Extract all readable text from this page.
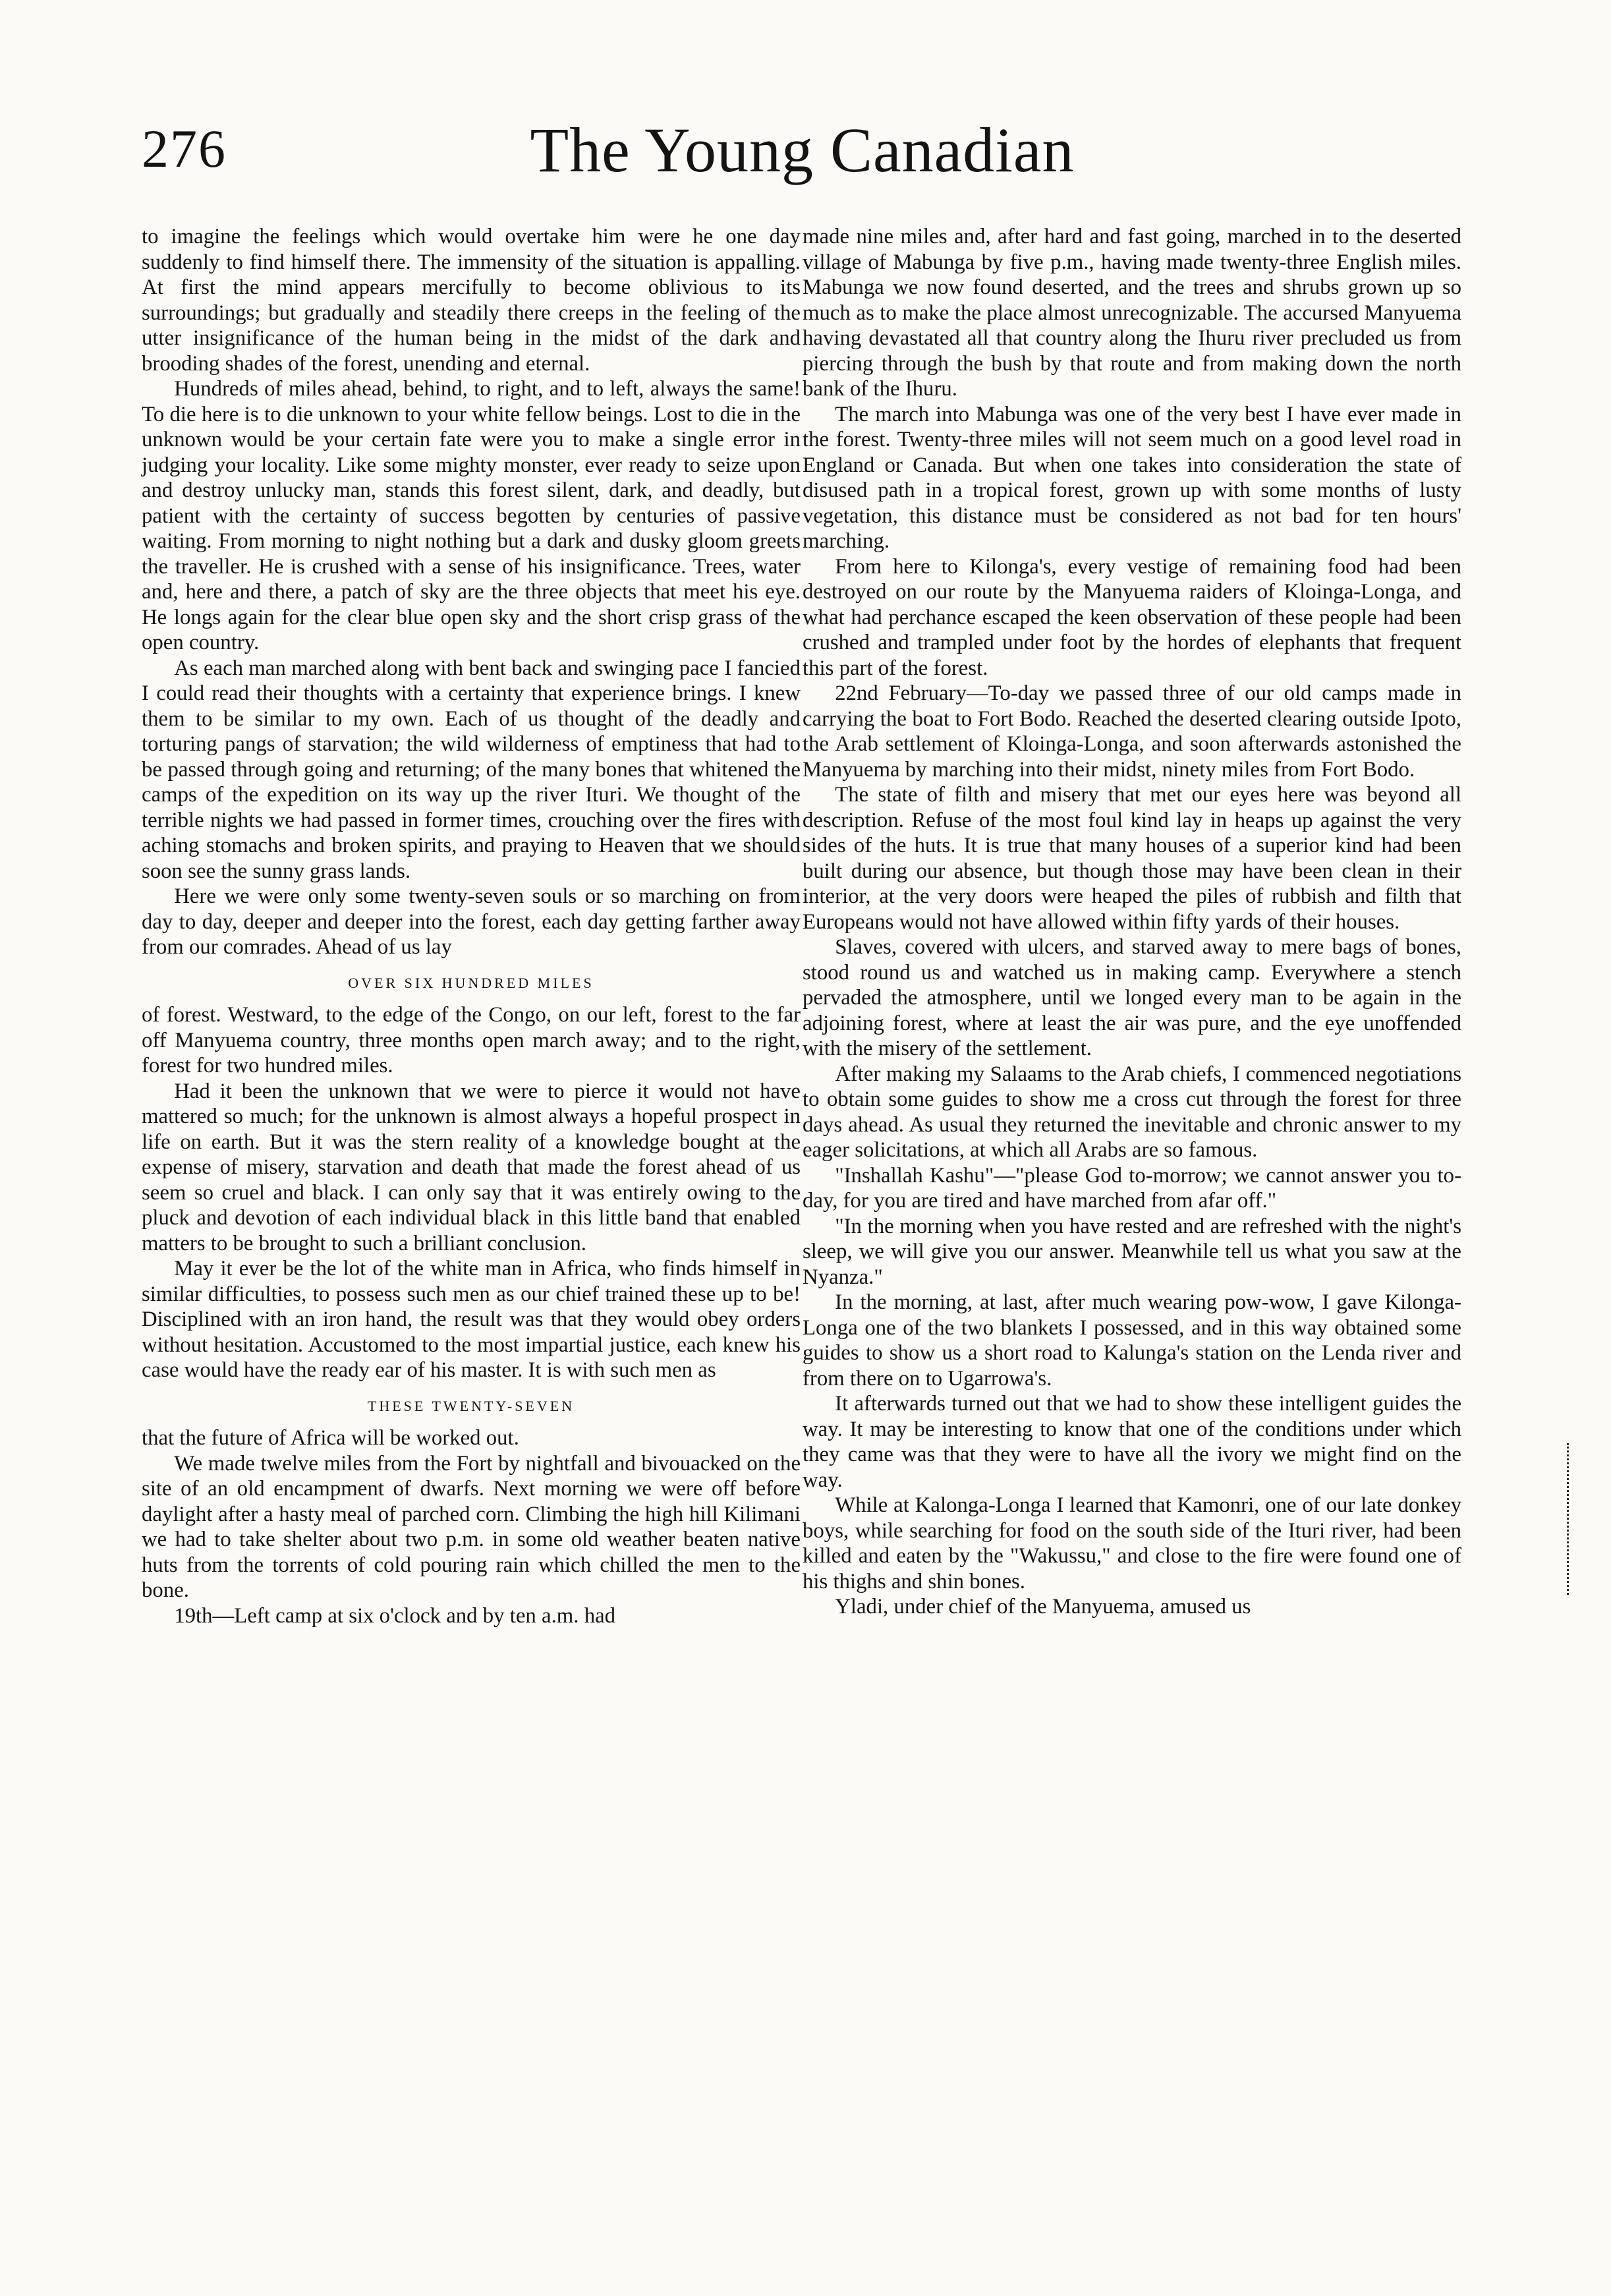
276	The Young Canadian

to imagine the feelings which would overtake him were he one day suddenly to find himself there. The immensity of the situation is appalling. At first the mind appears mercifully to become oblivious to its surroundings; but gradually and steadily there creeps in the feeling of the utter insignificance of the human being in the midst of the dark and brooding shades of the forest, unending and eternal.

Hundreds of miles ahead, behind, to right, and to left, always the same! To die here is to die unknown to your white fellow beings. Lost to die in the unknown would be your certain fate were you to make a single error in judging your locality. Like some mighty monster, ever ready to seize upon and destroy unlucky man, stands this forest silent, dark, and deadly, but patient with the certainty of success begotten by centuries of passive waiting. From morning to night nothing but a dark and dusky gloom greets the traveller. He is crushed with a sense of his insignificance. Trees, water and, here and there, a patch of sky are the three objects that meet his eye. He longs again for the clear blue open sky and the short crisp grass of the open country.

As each man marched along with bent back and swinging pace I fancied I could read their thoughts with a certainty that experience brings. I knew them to be similar to my own. Each of us thought of the deadly and torturing pangs of starvation; the wild wilderness of emptiness that had to be passed through going and returning; of the many bones that whitened the camps of the expedition on its way up the river Ituri. We thought of the terrible nights we had passed in former times, crouching over the fires with aching stomachs and broken spirits, and praying to Heaven that we should soon see the sunny grass lands.

Here we were only some twenty-seven souls or so marching on from day to day, deeper and deeper into the forest, each day getting farther away from our comrades. Ahead of us lay

OVER SIX HUNDRED MILES

of forest. Westward, to the edge of the Congo, on our left, forest to the far off Manyuema country, three months open march away; and to the right, forest for two hundred miles.

Had it been the unknown that we were to pierce it would not have mattered so much; for the unknown is almost always a hopeful prospect in life on earth. But it was the stern reality of a knowledge bought at the expense of misery, starvation and death that made the forest ahead of us seem so cruel and black. I can only say that it was entirely owing to the pluck and devotion of each individual black in this little band that enabled matters to be brought to such a brilliant conclusion.

May it ever be the lot of the white man in Africa, who finds himself in similar difficulties, to possess such men as our chief trained these up to be! Disciplined with an iron hand, the result was that they would obey orders without hesitation. Accustomed to the most impartial justice, each knew his case would have the ready ear of his master. It is with such men as

THESE TWENTY-SEVEN

that the future of Africa will be worked out.

We made twelve miles from the Fort by nightfall and bivouacked on the site of an old encampment of dwarfs. Next morning we were off before daylight after a hasty meal of parched corn. Climbing the high hill Kilimani we had to take shelter about two p.m. in some old weather beaten native huts from the torrents of cold pouring rain which chilled the men to the bone.

19th—Left camp at six o'clock and by ten a.m. had

made nine miles and, after hard and fast going, marched in to the deserted village of Mabunga by five p.m., having made twenty-three English miles. Mabunga we now found deserted, and the trees and shrubs grown up so much as to make the place almost unrecognizable. The accursed Manyuema having devastated all that country along the Ihuru river precluded us from piercing through the bush by that route and from making down the north bank of the Ihuru.

The march into Mabunga was one of the very best I have ever made in the forest. Twenty-three miles will not seem much on a good level road in England or Canada. But when one takes into consideration the state of disused path in a tropical forest, grown up with some months of lusty vegetation, this distance must be considered as not bad for ten hours' marching.

From here to Kilonga's, every vestige of remaining food had been destroyed on our route by the Manyuema raiders of Kloinga-Longa, and what had perchance escaped the keen observation of these people had been crushed and trampled under foot by the hordes of elephants that frequent this part of the forest.

22nd February—To-day we passed three of our old camps made in carrying the boat to Fort Bodo. Reached the deserted clearing outside Ipoto, the Arab settlement of Kloinga-Longa, and soon afterwards astonished the Manyuema by marching into their midst, ninety miles from Fort Bodo.

The state of filth and misery that met our eyes here was beyond all description. Refuse of the most foul kind lay in heaps up against the very sides of the huts. It is true that many houses of a superior kind had been built during our absence, but though those may have been clean in their interior, at the very doors were heaped the piles of rubbish and filth that Europeans would not have allowed within fifty yards of their houses.

Slaves, covered with ulcers, and starved away to mere bags of bones, stood round us and watched us in making camp. Everywhere a stench pervaded the atmosphere, until we longed every man to be again in the adjoining forest, where at least the air was pure, and the eye unoffended with the misery of the settlement.

After making my Salaams to the Arab chiefs, I commenced negotiations to obtain some guides to show me a cross cut through the forest for three days ahead. As usual they returned the inevitable and chronic answer to my eager solicitations, at which all Arabs are so famous.

"Inshallah Kashu"—"please God to-morrow; we cannot answer you to-day, for you are tired and have marched from afar off."

"In the morning when you have rested and are refreshed with the night's sleep, we will give you our answer. Meanwhile tell us what you saw at the Nyanza."

In the morning, at last, after much wearing pow-wow, I gave Kilonga-Longa one of the two blankets I possessed, and in this way obtained some guides to show us a short road to Kalunga's station on the Lenda river and from there on to Ugarrowa's.

It afterwards turned out that we had to show these intelligent guides the way. It may be interesting to know that one of the conditions under which they came was that they were to have all the ivory we might find on the way.

While at Kalonga-Longa I learned that Kamonri, one of our late donkey boys, while searching for food on the south side of the Ituri river, had been killed and eaten by the "Wakussu," and close to the fire were found one of his thighs and shin bones.

Yladi, under chief of the Manyuema, amused us
